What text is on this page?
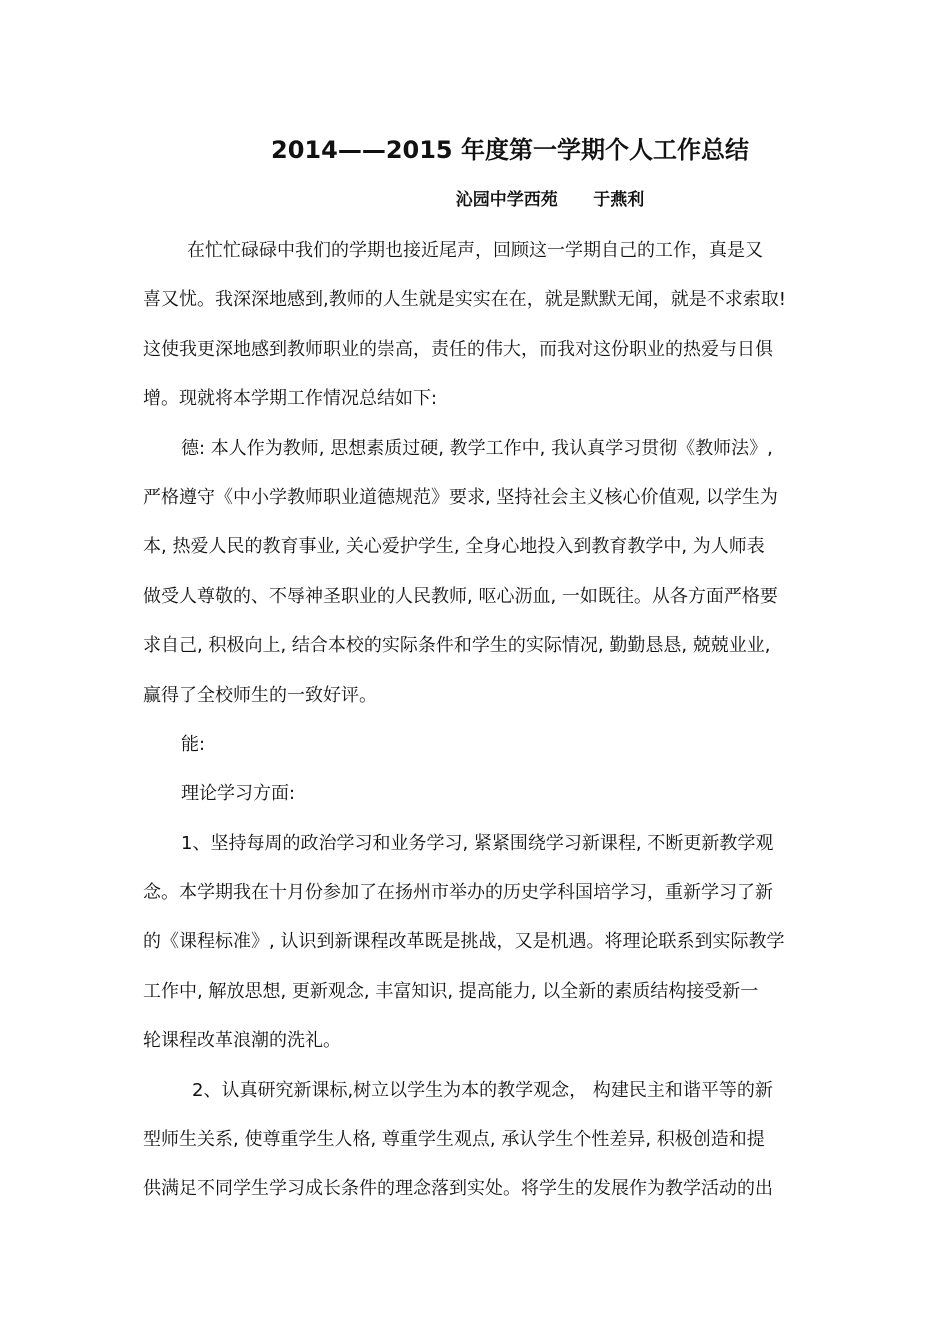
2014——2015 年度第一学期个人工作总结
沁园中学西苑      于燕利
在忙忙碌碌中我们的学期也接近尾声，回顾这一学期自己的工作，真是又
喜又忧。我深深地感到,教师的人生就是实实在在，就是默默无闻，就是不求索取!
这使我更深地感到教师职业的崇高，责任的伟大，而我对这份职业的热爱与日俱
增。现就将本学期工作情况总结如下:
德: 本人作为教师, 思想素质过硬, 教学工作中, 我认真学习贯彻《教师法》,
严格遵守《中小学教师职业道德规范》要求, 坚持社会主义核心价值观, 以学生为
本, 热爱人民的教育事业, 关心爱护学生, 全身心地投入到教育教学中, 为人师表
做受人尊敬的、不辱神圣职业的人民教师, 呕心沥血, 一如既往。从各方面严格要
求自己, 积极向上, 结合本校的实际条件和学生的实际情况, 勤勤恳恳, 兢兢业业,
赢得了全校师生的一致好评。
能:
理论学习方面:
1、坚持每周的政治学习和业务学习, 紧紧围绕学习新课程, 不断更新教学观
念。本学期我在十月份参加了在扬州市举办的历史学科国培学习，重新学习了新
的《课程标准》, 认识到新课程改革既是挑战，又是机遇。将理论联系到实际教学
工作中, 解放思想, 更新观念, 丰富知识, 提高能力, 以全新的素质结构接受新一
轮课程改革浪潮的洗礼。
2、认真研究新课标,树立以学生为本的教学观念， 构建民主和谐平等的新
型师生关系, 使尊重学生人格, 尊重学生观点, 承认学生个性差异, 积极创造和提
供满足不同学生学习成长条件的理念落到实处。将学生的发展作为教学活动的出
